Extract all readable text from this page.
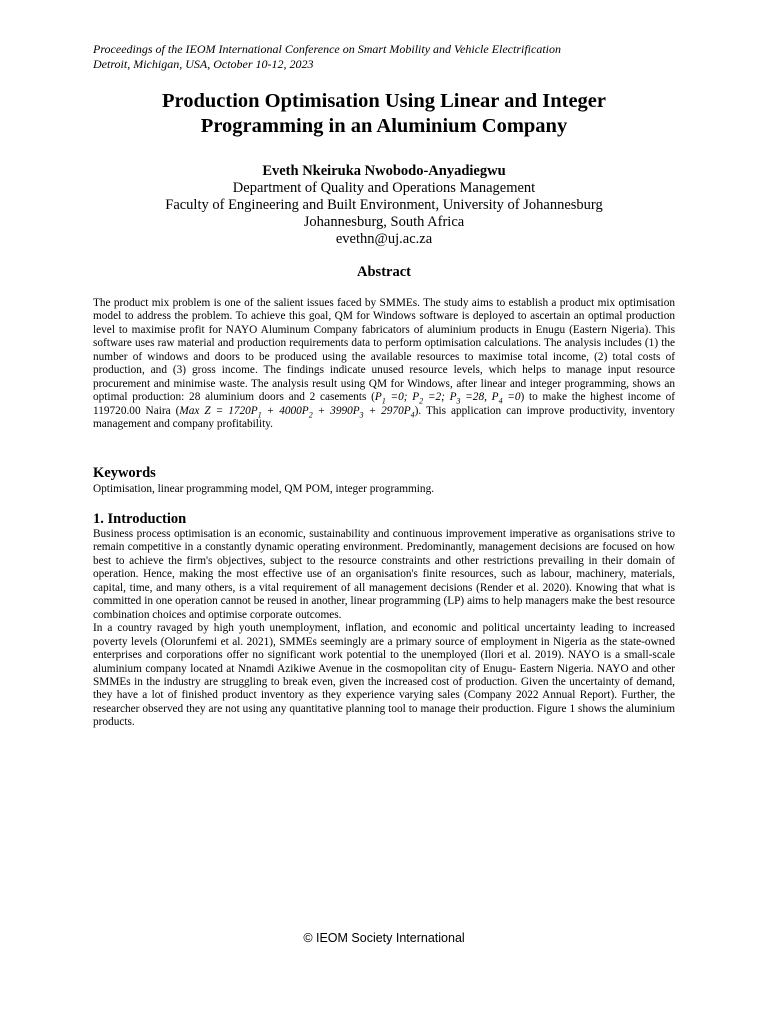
Proceedings of the IEOM International Conference on Smart Mobility and Vehicle Electrification
Detroit, Michigan, USA, October 10-12, 2023
Production Optimisation Using Linear and Integer
Programming in an Aluminium Company
Eveth Nkeiruka Nwobodo-Anyadiegwu
Department of Quality and Operations Management
Faculty of Engineering and Built Environment, University of Johannesburg
Johannesburg, South Africa
evethn@uj.ac.za
Abstract

The product mix problem is one of the salient issues faced by SMMEs. The study aims to establish a product mix optimisation model to address the problem. To achieve this goal, QM for Windows software is deployed to ascertain an optimal production level to maximise profit for NAYO Aluminum Company fabricators of aluminium products in Enugu (Eastern Nigeria). This software uses raw material and production requirements data to perform optimisation calculations. The analysis includes (1) the number of windows and doors to be produced using the available resources to maximise total income, (2) total costs of production, and (3) gross income. The findings indicate unused resource levels, which helps to manage input resource procurement and minimise waste. The analysis result using QM for Windows, after linear and integer programming, shows an optimal production: 28 aluminium doors and 2 casements ($P_1 =0$; $P_2 =2$; $P_3 =28$, $P_4 =0$) to make the highest income of 119720.00 Naira (Max $Z = 1720P_1 + 4000P_2 + 3990P_3 + 2970P_4$). This application can improve productivity, inventory management and company profitability.

Keywords
Optimisation, linear programming model, QM POM, integer programming.
1. Introduction

Business process optimisation is an economic, sustainability and continuous improvement imperative as organisations strive to remain competitive in a constantly dynamic operating environment. Predominantly, management decisions are focused on how best to achieve the firm's objectives, subject to the resource constraints and other restrictions prevailing in their domain of operation. Hence, making the most effective use of an organisation's finite resources, such as labour, machinery, materials, capital, time, and many others, is a vital requirement of all management decisions (Render et al. 2020). Knowing that what is committed in one operation cannot be reused in another, linear programming (LP) aims to help managers make the best resource combination choices and optimise corporate outcomes.

In a country ravaged by high youth unemployment, inflation, and economic and political uncertainty leading to increased poverty levels (Olorunfemi et al. 2021), SMMEs seemingly are a primary source of employment in Nigeria as the state-owned enterprises and corporations offer no significant work potential to the unemployed (Ilori et al. 2019). NAYO is a small-scale aluminium company located at Nnamdi Azikiwe Avenue in the cosmopolitan city of Enugu- Eastern Nigeria. NAYO and other SMMEs in the industry are struggling to break even, given the increased cost of production. Given the uncertainty of demand, they have a lot of finished product inventory as they experience varying sales (Company 2022 Annual Report). Further, the researcher observed they are not using any quantitative planning tool to manage their production. Figure 1 shows the aluminium products.

© IEOM Society International
